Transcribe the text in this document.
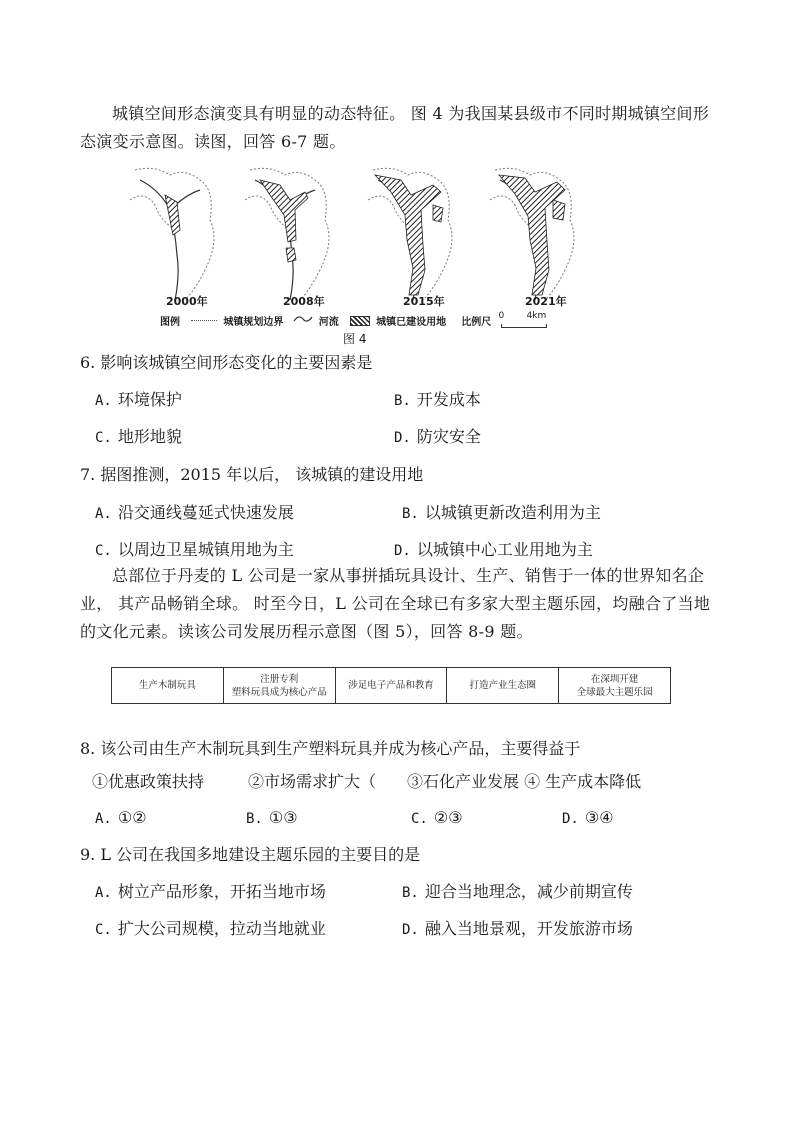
城镇空间形态演变具有明显的动态特征。 图 4 为我国某县级市不同时期城镇空间形态演变示意图。读图，回答 6-7 题。
2000年	2008年	2015年	2021年
图例	城镇规划边界	河流	城镇已建设用地 比例尺
0 4km
图 4
6. 影响该城镇空间形态变化的主要因素是
A. 环境保护	B. 开发成本
C. 地形地貌	D. 防灾安全
7. 据图推测，2015 年以后， 该城镇的建设用地
A. 沿交通线蔓延式快速发展	B. 以城镇更新改造利用为主
C. 以周边卫星城镇用地为主	D. 以城镇中心工业用地为主
总部位于丹麦的 L 公司是一家从事拼插玩具设计、生产、销售于一体的世界知名企业， 其产品畅销全球。 时至今日，L 公司在全球已有多家大型主题乐园，均融合了当地的文化元素。读该公司发展历程示意图（图 5），回答 8-9 题。
生产木制玩具
注册专利
塑料玩具成为核心产品
涉足电子产品和教育	打造产业生态圈
在深圳开建
全球最大主题乐园
8. 该公司由生产木制玩具到生产塑料玩具并成为核心产品，主要得益于
①优惠政策扶持	②市场需求扩大（ ③石化产业发展 ④ 生产成本降低
A. ①②	B. ①③	C. ②③	D. ③④
9. L 公司在我国多地建设主题乐园的主要目的是
A. 树立产品形象，开拓当地市场	B. 迎合当地理念，减少前期宣传
C. 扩大公司规模，拉动当地就业	D. 融入当地景观，开发旅游市场
